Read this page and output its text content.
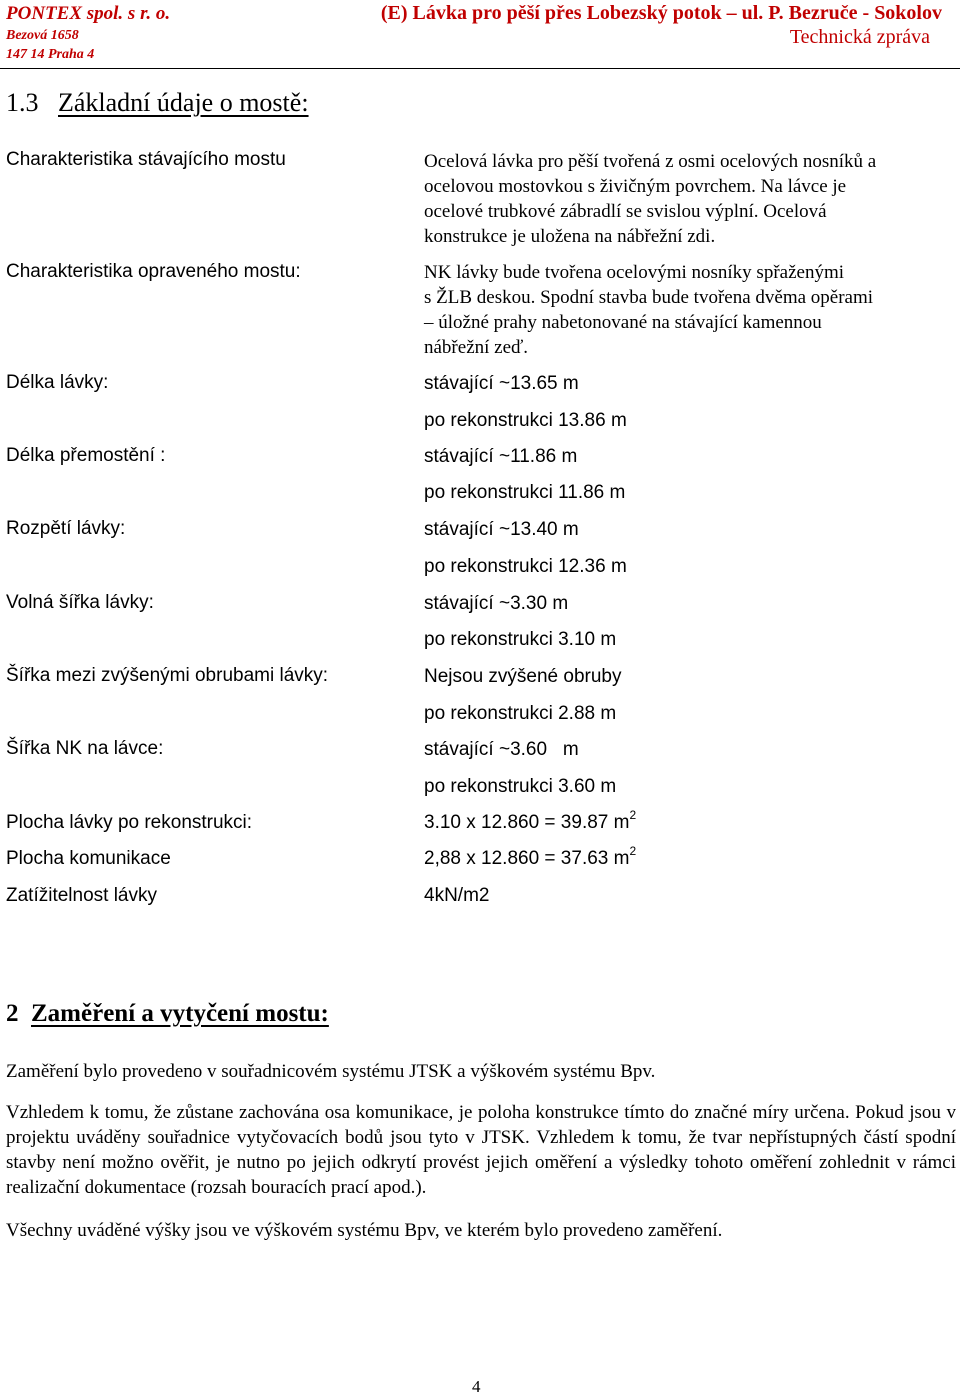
PONTEX spol. s r. o.
Bezová 1658
147 14 Praha 4
(E) Lávka pro pěší přes Lobezský potok – ul. P. Bezruče - Sokolov
Technická zpráva
1.3 Základní údaje o mostě:
Charakteristika stávajícího mostu	Ocelová lávka pro pěší tvořená z osmi ocelových nosníků a
ocelovou mostovkou s živičným povrchem. Na lávce je
ocelové trubkové zábradlí se svislou výplní. Ocelová
konstrukce je uložena na nábřežní zdi.
Charakteristika opraveného mostu:	NK lávky bude tvořena ocelovými nosníky spřaženými
s ŽLB deskou. Spodní stavba bude tvořena dvěma opěrami
– úložné prahy nabetonované na stávající kamennou
nábřežní zeď.
Délka lávky:	stávající ~13.65 m
po rekonstrukci 13.86 m
Délka přemostění :	stávající ~11.86 m
po rekonstrukci 11.86 m
Rozpětí lávky:	stávající ~13.40 m
po rekonstrukci 12.36 m
Volná šířka lávky:	stávající ~3.30 m
po rekonstrukci 3.10 m
Šířka mezi zvýšenými obrubami lávky:	Nejsou zvýšené obruby
po rekonstrukci 2.88 m
Šířka NK na lávce:	stávající ~3.60   m
po rekonstrukci 3.60 m
Plocha lávky po rekonstrukci:	3.10 x 12.860 = 39.87 $m^2$
Plocha komunikace	2,88 x 12.860 = 37.63 $m^2$
Zatížitelnost lávky	4kN/m2
2 Zaměření a vytyčení mostu:
Zaměření bylo provedeno v souřadnicovém systému JTSK a výškovém systému Bpv.
Vzhledem k tomu, že zůstane zachována osa komunikace, je poloha konstrukce tímto do značné míry určena. Pokud jsou v projektu uváděny souřadnice vytyčovacích bodů jsou tyto v JTSK. Vzhledem k tomu, že tvar nepřístupných částí spodní stavby není možno ověřit, je nutno po jejich odkrytí provést jejich oměření a výsledky tohoto oměření zohlednit v rámci realizační dokumentace (rozsah bouracích prací apod.).
Všechny uváděné výšky jsou ve výškovém systému Bpv, ve kterém bylo provedeno zaměření.
4
